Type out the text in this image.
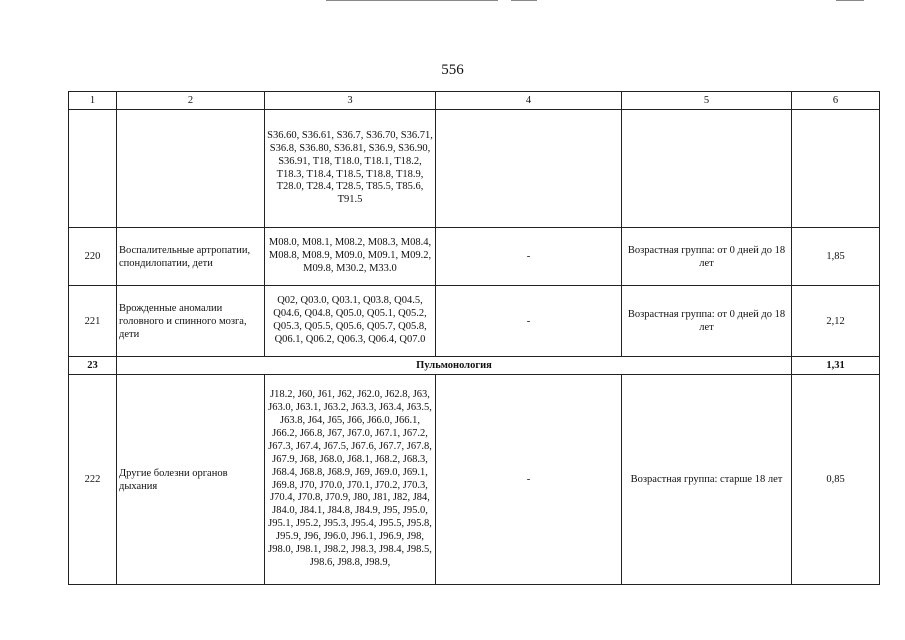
556
1	2	3	4	5	6
		S36.60, S36.61, S36.7, S36.70, S36.71, S36.8, S36.80, S36.81, S36.9, S36.90, S36.91, T18, T18.0, T18.1, T18.2, T18.3, T18.4, T18.5, T18.8, T18.9, T28.0, T28.4, T28.5, T85.5, T85.6, T91.5			
220	Воспалительные артропатии, спондилопатии, дети	M08.0, M08.1, M08.2, M08.3, M08.4, M08.8, M08.9, M09.0, M09.1, M09.2, M09.8, M30.2, M33.0	-	Возрастная группа: от 0 дней до 18 лет	1,85
221	Врожденные аномалии головного и спинного мозга, дети	Q02, Q03.0, Q03.1, Q03.8, Q04.5, Q04.6, Q04.8, Q05.0, Q05.1, Q05.2, Q05.3, Q05.5, Q05.6, Q05.7, Q05.8, Q06.1, Q06.2, Q06.3, Q06.4, Q07.0	-	Возрастная группа: от 0 дней до 18 лет	2,12
23	Пульмонология				1,31
222	Другие болезни органов дыхания	J18.2, J60, J61, J62, J62.0, J62.8, J63, J63.0, J63.1, J63.2, J63.3, J63.4, J63.5, J63.8, J64, J65, J66, J66.0, J66.1, J66.2, J66.8, J67, J67.0, J67.1, J67.2, J67.3, J67.4, J67.5, J67.6, J67.7, J67.8, J67.9, J68, J68.0, J68.1, J68.2, J68.3, J68.4, J68.8, J68.9, J69, J69.0, J69.1, J69.8, J70, J70.0, J70.1, J70.2, J70.3, J70.4, J70.8, J70.9, J80, J81, J82, J84, J84.0, J84.1, J84.8, J84.9, J95, J95.0, J95.1, J95.2, J95.3, J95.4, J95.5, J95.8, J95.9, J96, J96.0, J96.1, J96.9, J98, J98.0, J98.1, J98.2, J98.3, J98.4, J98.5, J98.6, J98.8, J98.9,	-	Возрастная группа: старше 18 лет	0,85
